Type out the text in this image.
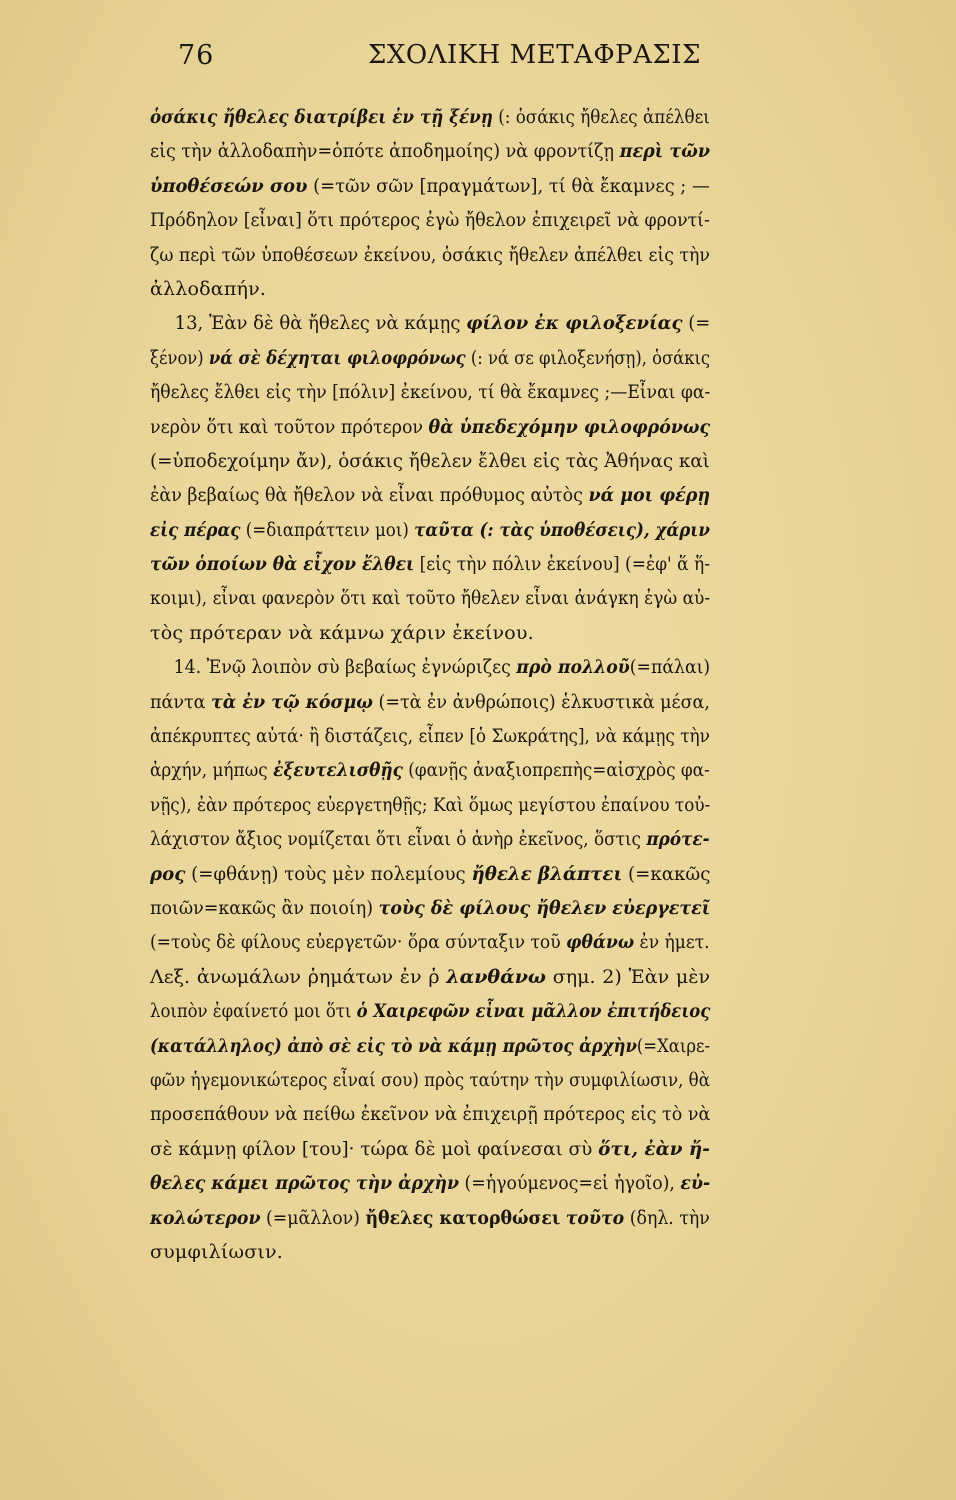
76	ΣΧΟΛΙΚΗ ΜΕΤΑΦΡΑΣΙΣ
ὁσάκις ἤθελες διατρίβει ἐν τῇ ξένῃ (: ὁσάκις ἤθελες ἀπέλθει
εἰς τὴν ἀλλοδαπὴν=ὁπότε ἀποδημοίης) νὰ φροντίζῃ περὶ τῶν
ὑποθέσεών σου (=τῶν σῶν [πραγμάτων], τί θὰ ἔκαμνες ; —
Πρόδηλον [εἶναι] ὅτι πρότερος ἐγὼ ἤθελον ἐπιχειρεῖ νὰ φροντί-
ζω περὶ τῶν ὑποθέσεων ἐκείνου, ὁσάκις ἤθελεν ἀπέλθει εἰς τὴν
ἀλλοδαπήν.
13, Ἐὰν δὲ θὰ ἤθελες νὰ κάμῃς φίλον ἐκ φιλοξενίας (=
ξένον) νά σὲ δέχηται φιλοφρόνως (: νά σε φιλοξενήσῃ), ὁσάκις
ἤθελες ἔλθει εἰς τὴν [πόλιν] ἐκείνου, τί θὰ ἔκαμνες ;—Εἶναι φα-
νερὸν ὅτι καὶ τοῦτον πρότερον θὰ ὑπεδεχόμην φιλοφρόνως
(=ὑποδεχοίμην ἄν), ὁσάκις ἤθελεν ἔλθει εἰς τὰς Ἀθήνας καὶ
ἐὰν βεβαίως θὰ ἤθελον νὰ εἶναι πρόθυμος αὐτὸς νά μοι φέρῃ
εἰς πέρας (=διαπράττειν μοι) ταῦτα (: τὰς ὑποθέσεις), χάριν
τῶν ὁποίων θὰ εἶχον ἔλθει [εἰς τὴν πόλιν ἐκείνου] (=ἐφ' ἅ ἥ-
κοιμι), εἶναι φανερὸν ὅτι καὶ τοῦτο ἤθελεν εἶναι ἀνάγκη ἐγὼ αὐ-
τὸς πρότεραν νὰ κάμνω χάριν ἐκείνου.
14. Ἐνῷ λοιπὸν σὺ βεβαίως ἐγνώριζες πρὸ πολλοῦ(=πάλαι)
πάντα τὰ ἐν τῷ κόσμῳ (=τὰ ἐν ἀνθρώποις) ἑλκυστικὰ μέσα,
ἀπέκρυπτες αὐτά· ἢ διστάζεις, εἶπεν [ὁ Σωκράτης], νὰ κάμῃς τὴν
ἀρχήν, μήπως ἐξευτελισθῇς (φανῇς ἀναξιοπρεπὴς=αἰσχρὸς φα-
νῇς), ἐὰν πρότερος εὐεργετηθῇς; Καὶ ὅμως μεγίστου ἐπαίνου τοὐ-
λάχιστον ἄξιος νομίζεται ὅτι εἶναι ὁ ἀνὴρ ἐκεῖνος, ὅστις πρότε-
ρος (=φθάνῃ) τοὺς μὲν πολεμίους ἤθελε βλάπτει (=κακῶς
ποιῶν=κακῶς ἂν ποιοίη) τοὺς δὲ φίλους ἤθελεν εὐεργετεῖ
(=τοὺς δὲ φίλους εὐεργετῶν· ὅρα σύνταξιν τοῦ φθάνω ἐν ἡμετ.
Λεξ. ἀνωμάλων ῥημάτων ἐν ῥ λανθάνω σημ. 2) Ἐὰν μὲν
λοιπὸν ἐφαίνετό μοι ὅτι ὁ Χαιρεφῶν εἶναι μᾶλλον ἐπιτήδειος
(κατάλληλος) ἀπὸ σὲ εἰς τὸ νὰ κάμῃ πρῶτος ἀρχὴν(=Χαιρε-
φῶν ἡγεμονικώτερος εἶναί σου) πρὸς ταύτην τὴν συμφιλίωσιν, θὰ
προσεπάθουν νὰ πείθω ἐκεῖνον νὰ ἐπιχειρῇ πρότερος εἰς τὸ νὰ
σὲ κάμνῃ φίλον [του]· τώρα δὲ μοὶ φαίνεσαι σὺ ὅτι, ἐὰν ἤ-
θελες κάμει πρῶτος τὴν ἀρχὴν (=ἡγούμενος=εἰ ἡγοῖο), εὐ-
κολώτερον (=μᾶλλον) ἤθελες κατορθώσει τοῦτο (δηλ. τὴν
συμφιλίωσιν.
